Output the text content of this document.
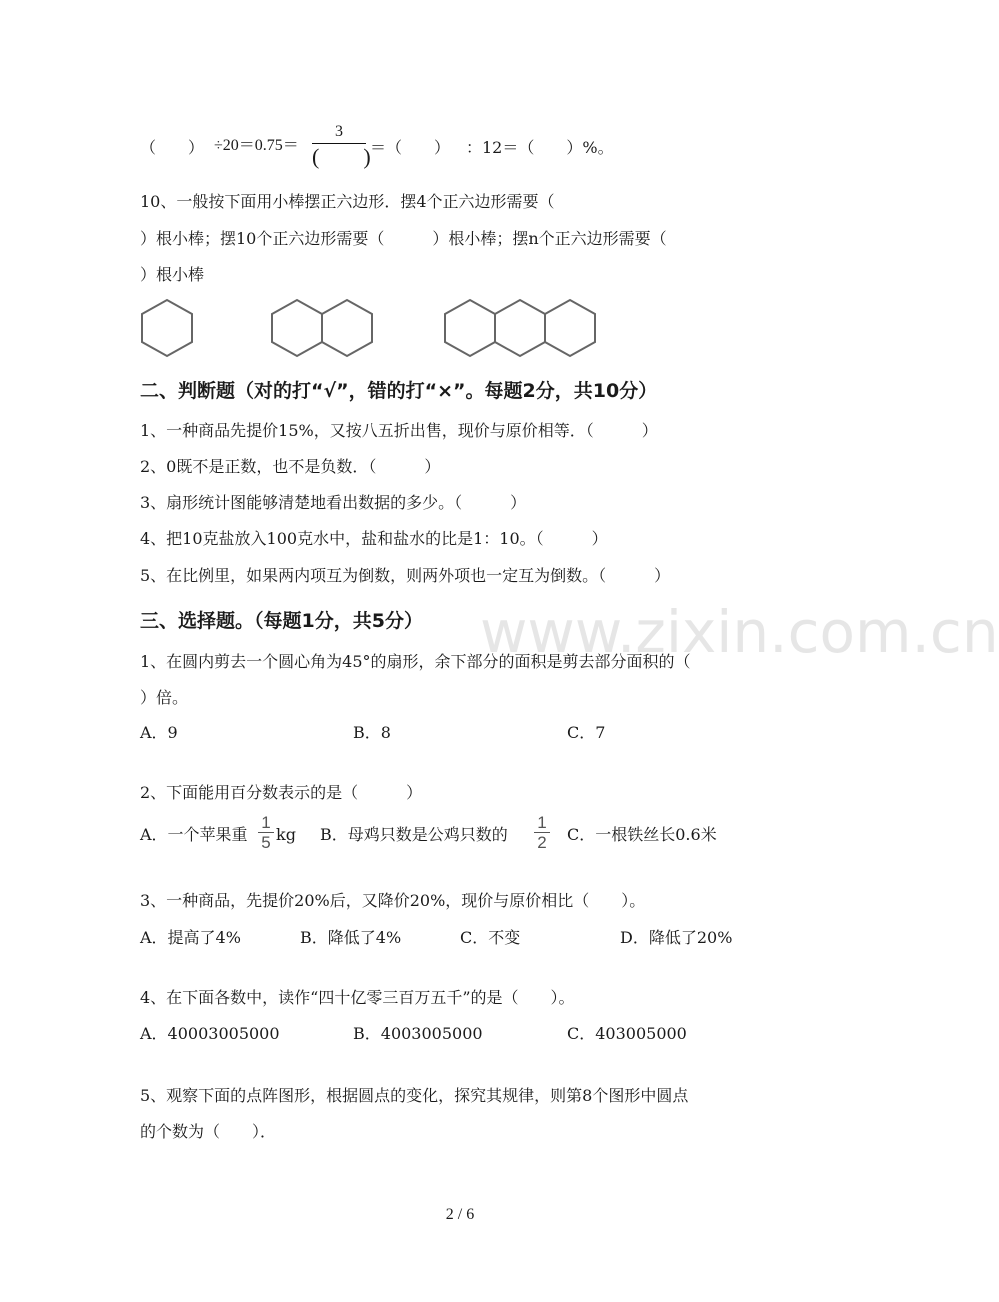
www.zixin.com.cn
（　　） ÷20＝0.75＝
3
(　　) ＝（　　） ：12＝（　　）%。
10、一般按下面用小棒摆正六边形．摆4个正六边形需要（
）根小棒；摆10个正六边形需要（　　　）根小棒；摆n个正六边形需要（
）根小棒
二、判断题（对的打“√”，错的打“×”。每题2分，共10分）
1、一种商品先提价15%，又按八五折出售，现价与原价相等．（　　　）
2、0既不是正数，也不是负数．（　　　）
3、扇形统计图能够清楚地看出数据的多少。（　　　）
4、把10克盐放入100克水中，盐和盐水的比是1：10。（　　　）
5、在比例里，如果两内项互为倒数，则两外项也一定互为倒数。（　　　）
三、选择题。（每题1分，共5分）
1、在圆内剪去一个圆心角为45°的扇形，余下部分的面积是剪去部分面积的（
）倍。
A．9	B．8	C．7
2、下面能用百分数表示的是（　　　）
A．一个苹果重
1
5 kg B．母鸡只数是公鸡只数的
1
2 C．一根铁丝长0.6米
3、一种商品，先提价20%后，又降价20%，现价与原价相比（　　）。
A．提高了4%	B．降低了4%	C．不变	D．降低了20%
4、在下面各数中，读作“四十亿零三百万五千”的是（　　）。
A．40003005000	B．4003005000	C．403005000
5、观察下面的点阵图形，根据圆点的变化，探究其规律，则第8个图形中圆点
的个数为（　　）．
2 / 6
